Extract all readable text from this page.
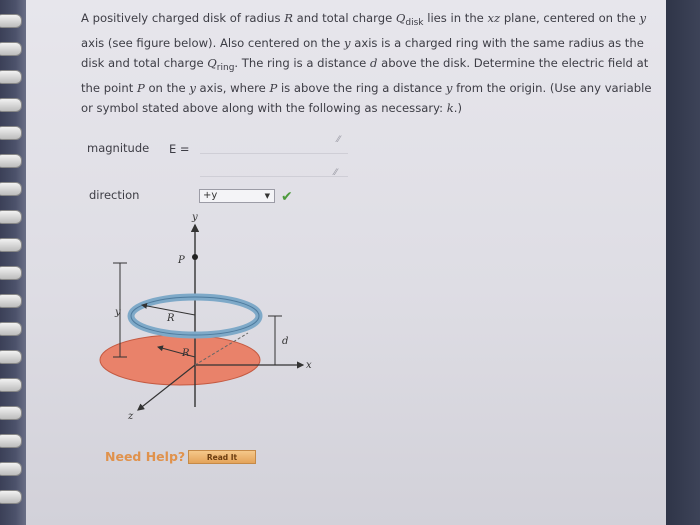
A positively charged disk of radius R and total charge $Q_{disk}$ lies in the xz plane, centered on the y axis (see figure below). Also centered on the y axis is a charged ring with the same radius as the disk and total charge $Q_{ring}$. The ring is a distance d above the disk. Determine the electric field at the point P on the y axis, where P is above the ring a distance y from the origin. (Use any variable or symbol stated above along with the following as necessary: k.)
magnitude E =
⁄⁄
⁄⁄
direction	+y	▼ ✔
y
P
R
R
y
d
x
z
Need Help?	Read It
